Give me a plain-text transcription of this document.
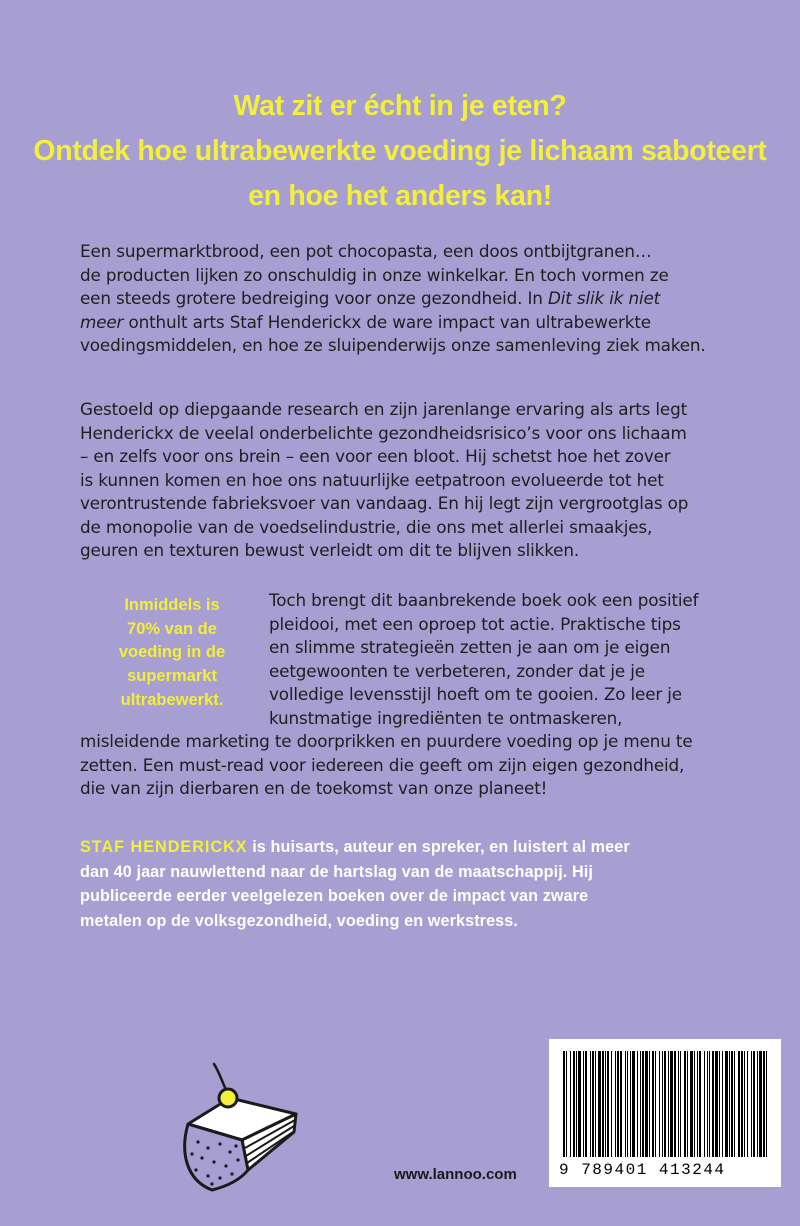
Wat zit er écht in je eten?
Ontdek hoe ultrabewerkte voeding je lichaam saboteert
en hoe het anders kan!

Een supermarktbrood, een pot chocopasta, een doos ontbijtgranen…
de producten lijken zo onschuldig in onze winkelkar. En toch vormen ze
een steeds grotere bedreiging voor onze gezondheid. In Dit slik ik niet
meer onthult arts Staf Henderickx de ware impact van ultrabewerkte
voedingsmiddelen, en hoe ze sluipenderwijs onze samenleving ziek maken.

Gestoeld op diepgaande research en zijn jarenlange ervaring als arts legt
Henderickx de veelal onderbelichte gezondheidsrisico’s voor ons lichaam
– en zelfs voor ons brein – een voor een bloot. Hij schetst hoe het zover
is kunnen komen en hoe ons natuurlijke eetpatroon evolueerde tot het
verontrustende fabrieksvoer van vandaag. En hij legt zijn vergrootglas op
de monopolie van de voedselindustrie, die ons met allerlei smaakjes,
geuren en texturen bewust verleidt om dit te blijven slikken.

Inmiddels is
70% van de
voeding in de
supermarkt
ultrabewerkt.

Toch brengt dit baanbrekende boek ook een positief
pleidooi, met een oproep tot actie. Praktische tips
en slimme strategieën zetten je aan om je eigen
eetgewoonten te verbeteren, zonder dat je je
volledige levensstijl hoeft om te gooien. Zo leer je
kunstmatige ingrediënten te ontmaskeren,
misleidende marketing te doorprikken en puurdere voeding op je menu te
zetten. Een must-read voor iedereen die geeft om zijn eigen gezondheid,
die van zijn dierbaren en de toekomst van onze planeet!

STAF HENDERICKX is huisarts, auteur en spreker, en luistert al meer
dan 40 jaar nauwlettend naar de hartslag van de maatschappij. Hij
publiceerde eerder veelgelezen boeken over de impact van zware
metalen op de volksgezondheid, voeding en werkstress.
www.lannoo.com	9 789401 413244
